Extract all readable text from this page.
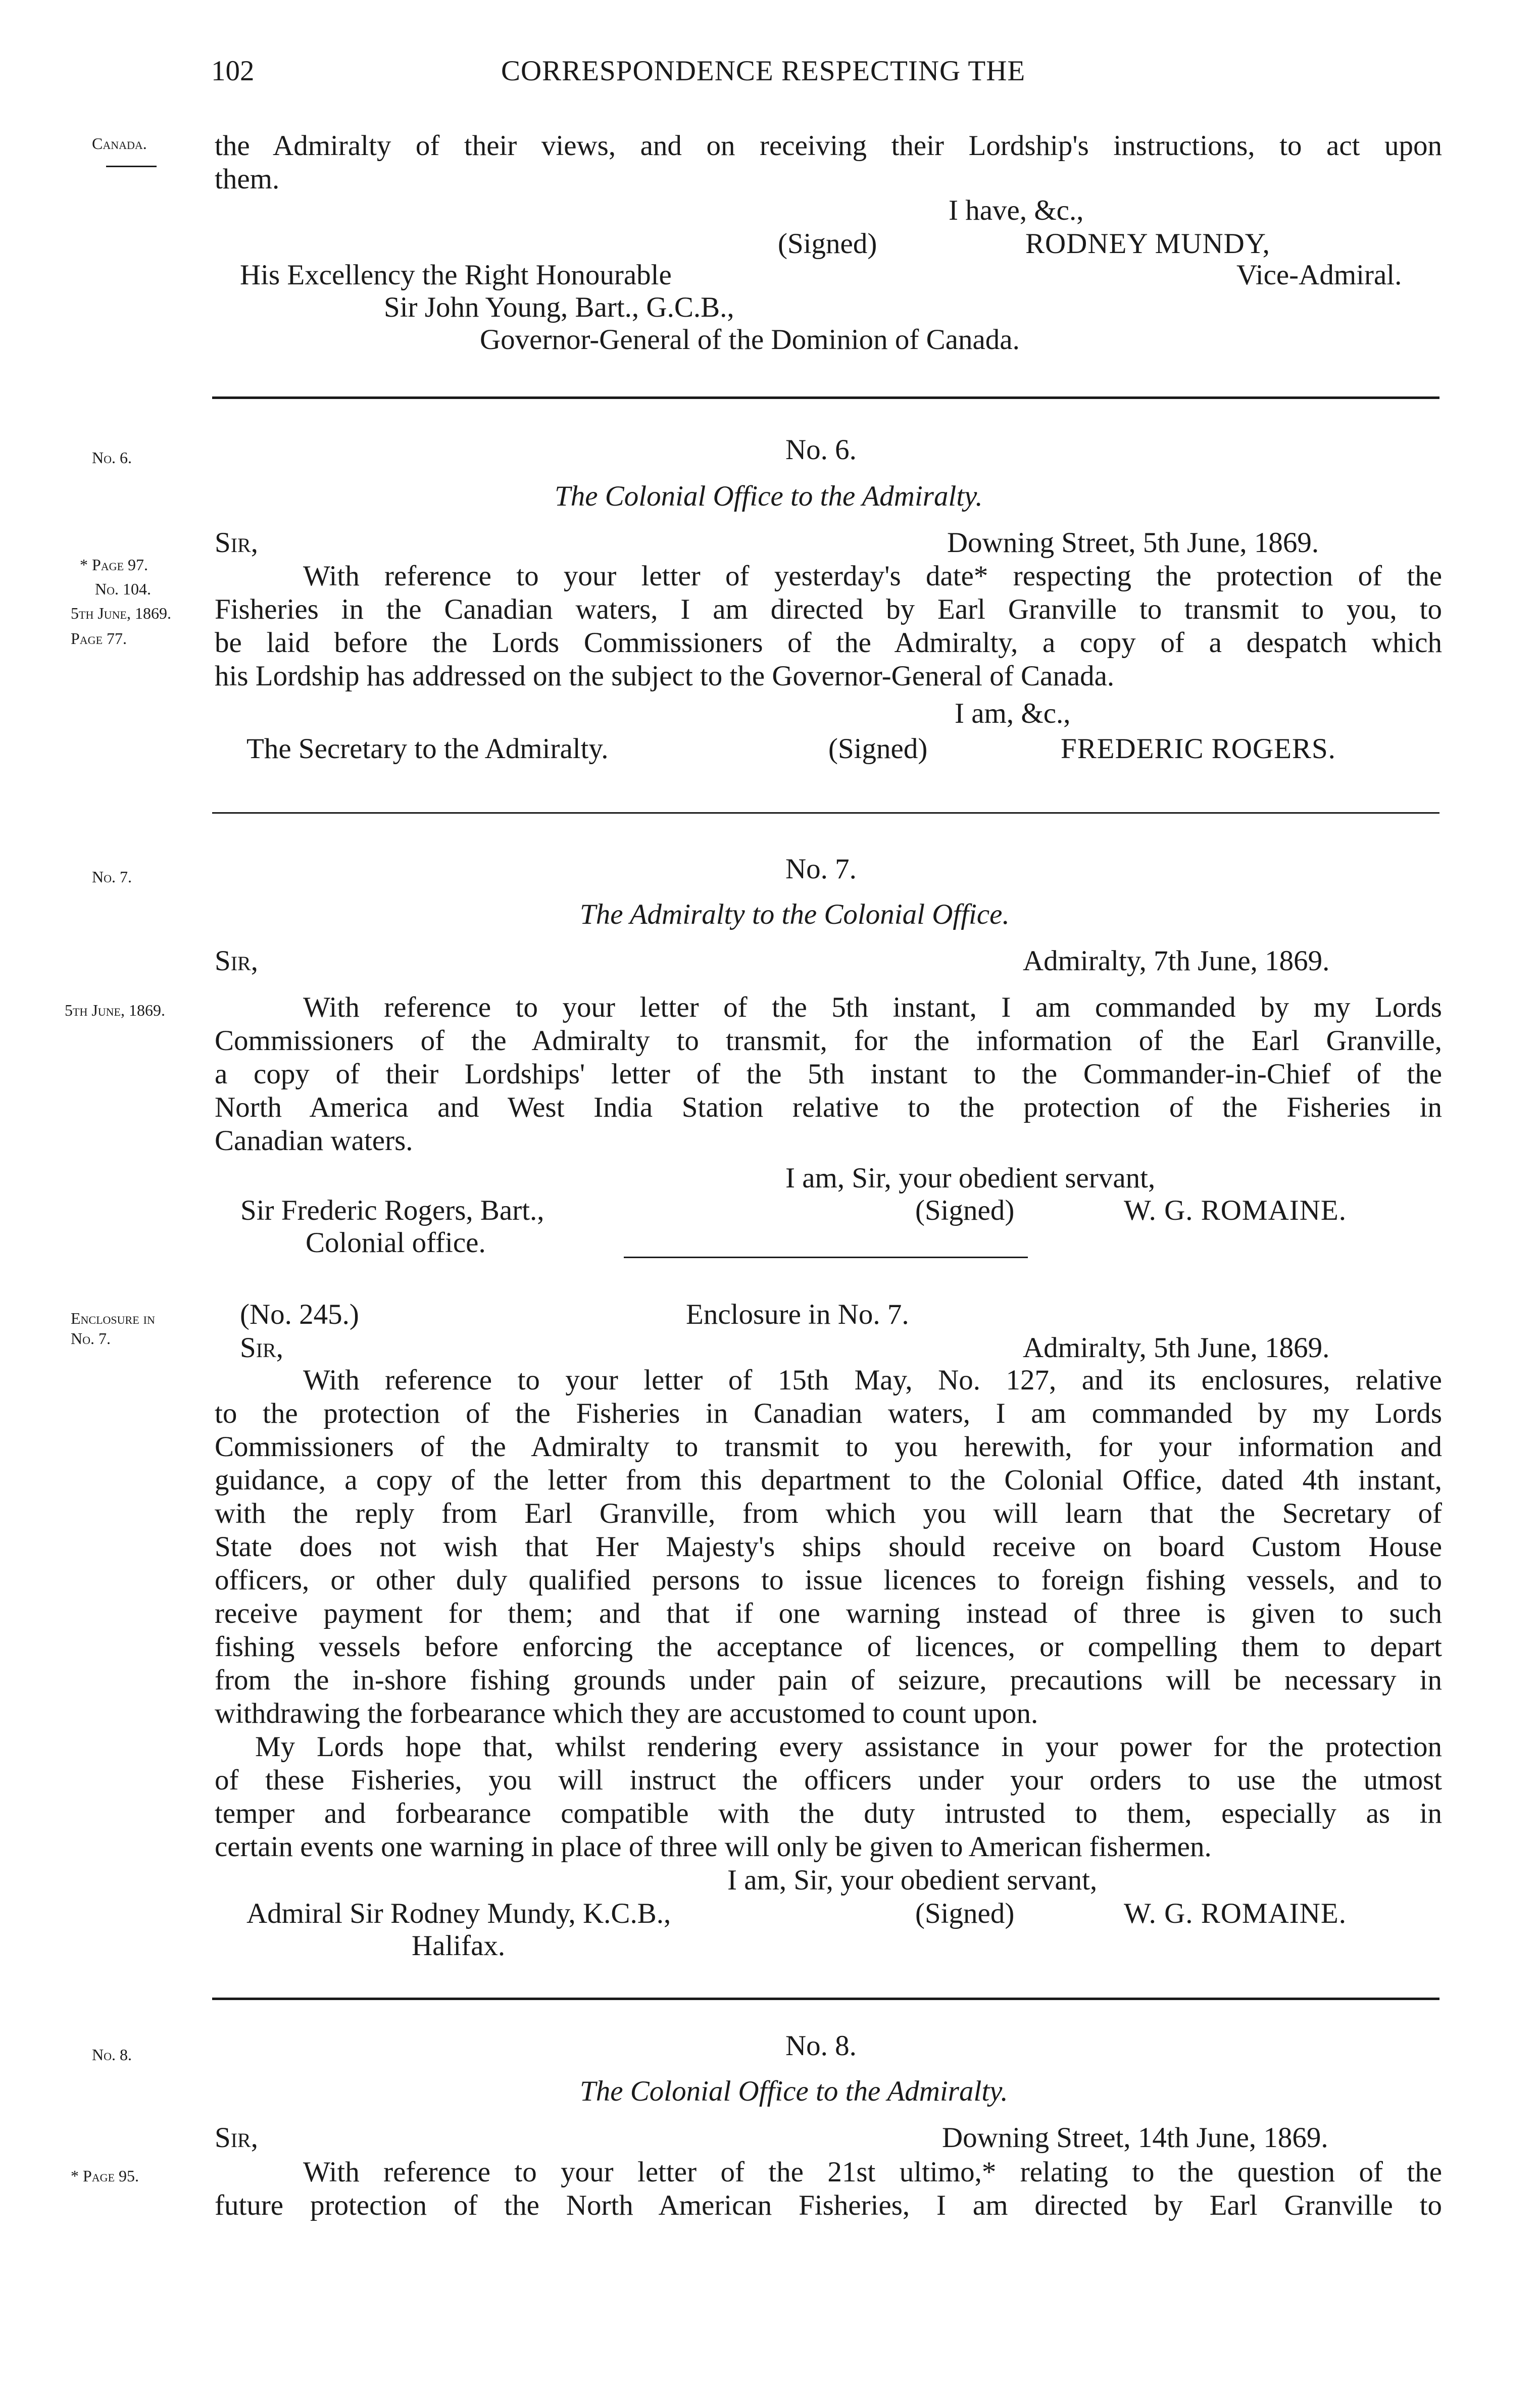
102	CORRESPONDENCE RESPECTING THE
Canada. the Admiralty of their views, and on receiving their Lordship's instructions, to act upon
them.
I have, &c.,
(Signed)	RODNEY MUNDY,
His Excellency the Right Honourable	Vice-Admiral.
Sir John Young, Bart., G.C.B.,
Governor-General of the Dominion of Canada.
No. 6.	No. 6.
The Colonial Office to the Admiralty.
Sir,	Downing Street, 5th June, 1869.
* Page 97.
No. 104.
5th June, 1869.
Page 77.
With reference to your letter of yesterday's date* respecting the protection of the
Fisheries in the Canadian waters, I am directed by Earl Granville to transmit to you, to
be laid before the Lords Commissioners of the Admiralty, a copy of a despatch which
his Lordship has addressed on the subject to the Governor-General of Canada.
I am, &c.,
The Secretary to the Admiralty.	(Signed)	FREDERIC ROGERS.
No. 7.	No. 7.
The Admiralty to the Colonial Office.
Sir,	Admiralty, 7th June, 1869.
5th June, 1869.	With reference to your letter of the 5th instant, I am commanded by my Lords
Commissioners of the Admiralty to transmit, for the information of the Earl Granville,
a copy of their Lordships' letter of the 5th instant to the Commander-in-Chief of the
North America and West India Station relative to the protection of the Fisheries in
Canadian waters.
I am, Sir, your obedient servant,
Sir Frederic Rogers, Bart.,	(Signed)	W. G. ROMAINE.
Colonial office.
Enclosure in
No. 7.
(No. 245.)	Enclosure in No. 7.
Sir,	Admiralty, 5th June, 1869.
With reference to your letter of 15th May, No. 127, and its enclosures, relative
to the protection of the Fisheries in Canadian waters, I am commanded by my Lords
Commissioners of the Admiralty to transmit to you herewith, for your information and
guidance, a copy of the letter from this department to the Colonial Office, dated 4th instant,
with the reply from Earl Granville, from which you will learn that the Secretary of
State does not wish that Her Majesty's ships should receive on board Custom House
officers, or other duly qualified persons to issue licences to foreign fishing vessels, and to
receive payment for them; and that if one warning instead of three is given to such
fishing vessels before enforcing the acceptance of licences, or compelling them to depart
from the in-shore fishing grounds under pain of seizure, precautions will be necessary in
withdrawing the forbearance which they are accustomed to count upon.
My Lords hope that, whilst rendering every assistance in your power for the protection
of these Fisheries, you will instruct the officers under your orders to use the utmost
temper and forbearance compatible with the duty intrusted to them, especially as in
certain events one warning in place of three will only be given to American fishermen.
I am, Sir, your obedient servant,
Admiral Sir Rodney Mundy, K.C.B.,	(Signed)	W. G. ROMAINE.
Halifax.
No. 8.	No. 8.
The Colonial Office to the Admiralty.
Sir,	Downing Street, 14th June, 1869.
* Page 95.	With reference to your letter of the 21st ultimo,* relating to the question of the
future protection of the North American Fisheries, I am directed by Earl Granville to
